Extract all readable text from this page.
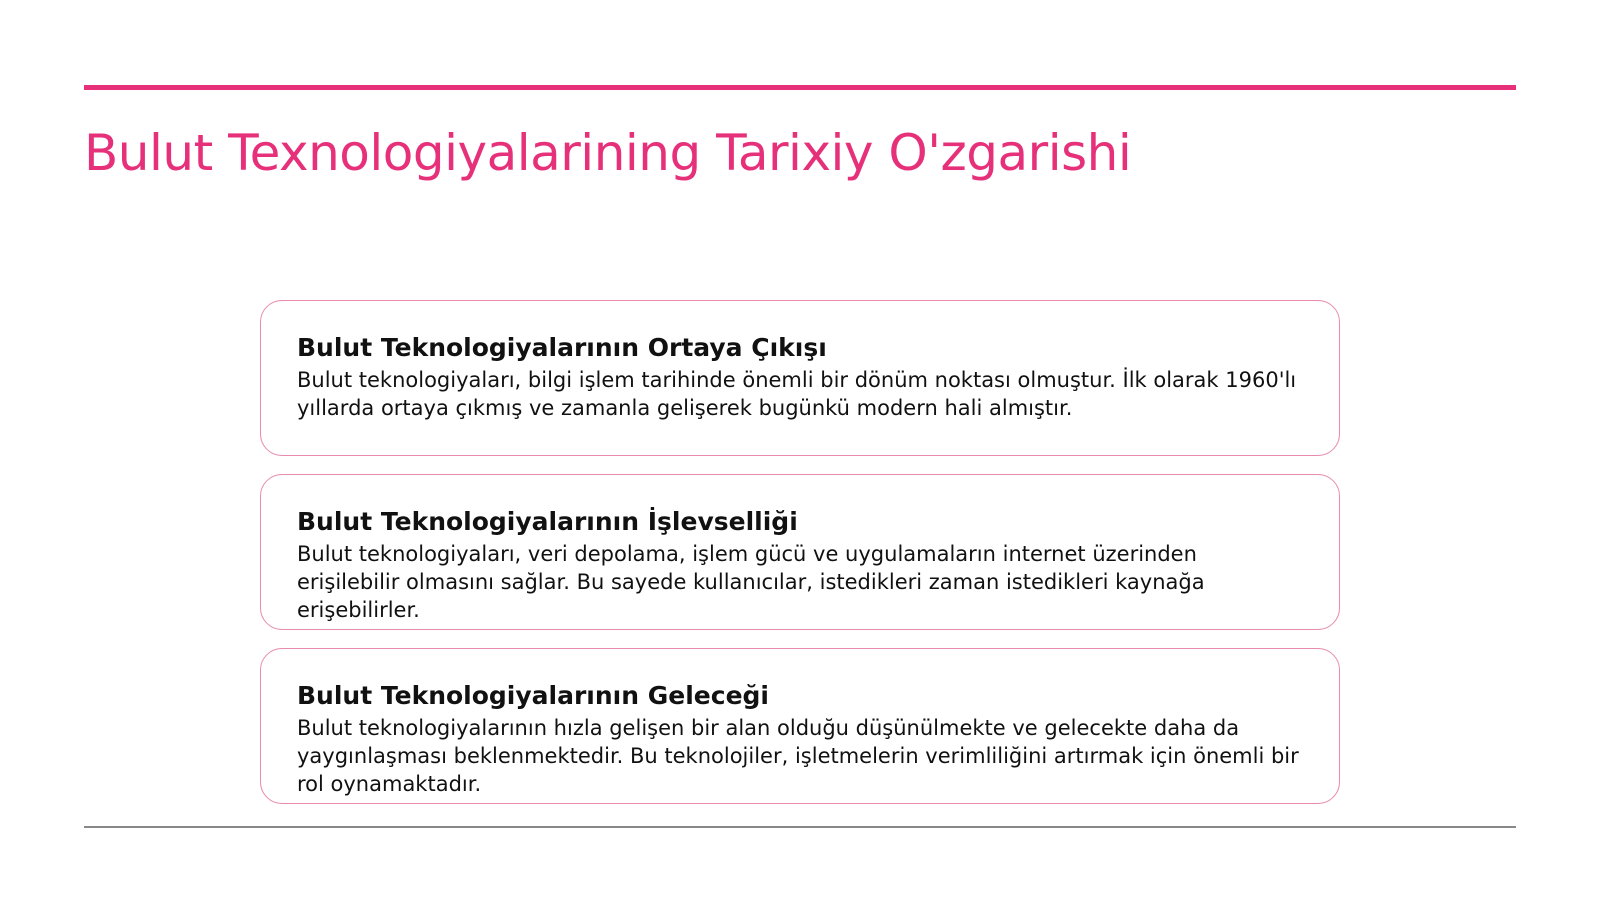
Bulut Texnologiyalarining Tarixiy O'zgarishi
Bulut Teknologiyalarının Ortaya Çıkışı

Bulut teknologiyaları, bilgi işlem tarihinde önemli bir dönüm noktası olmuştur. İlk olarak 1960'lı yıllarda ortaya çıkmış ve zamanla gelişerek bugünkü modern hali almıştır.

Bulut Teknologiyalarının İşlevselliği

Bulut teknologiyaları, veri depolama, işlem gücü ve uygulamaların internet üzerinden erişilebilir olmasını sağlar. Bu sayede kullanıcılar, istedikleri zaman istedikleri kaynağa erişebilirler.

Bulut Teknologiyalarının Geleceği

Bulut teknologiyalarının hızla gelişen bir alan olduğu düşünülmekte ve gelecekte daha da yaygınlaşması beklenmektedir. Bu teknolojiler, işletmelerin verimliliğini artırmak için önemli bir rol oynamaktadır.
